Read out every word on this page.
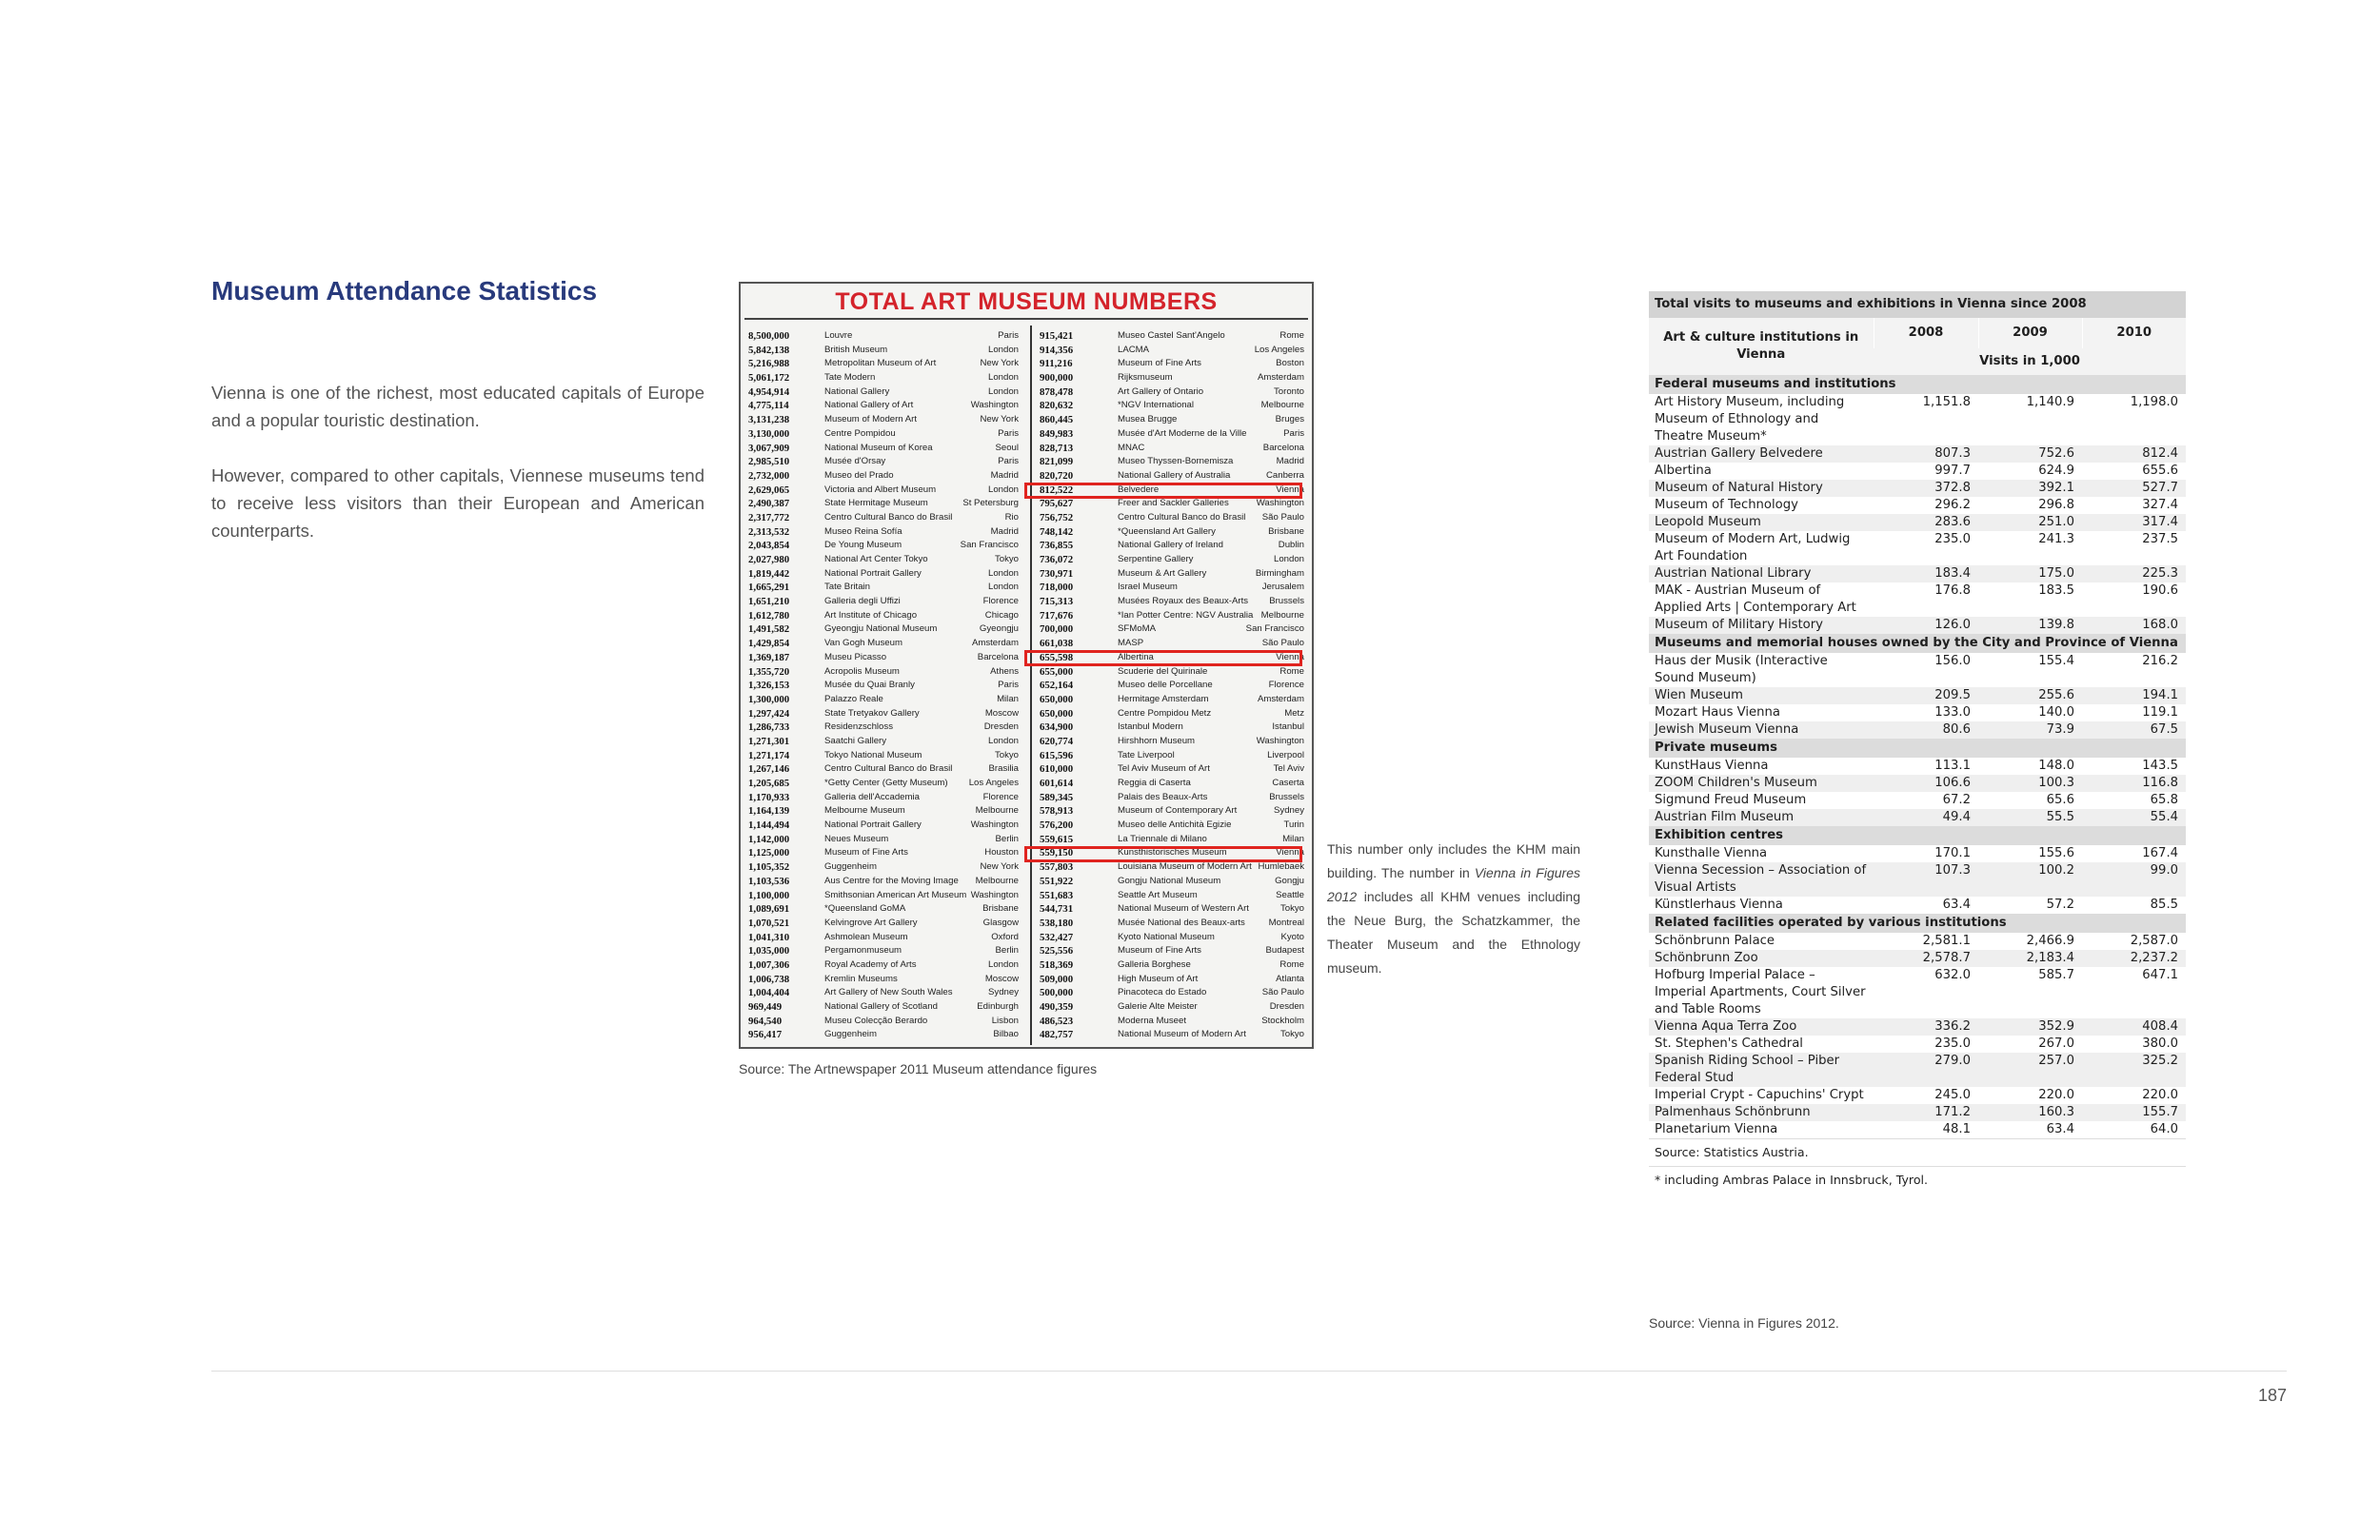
Museum Attendance Statistics

Vienna is one of the richest, most educated capitals of Europe and a popular touristic destination.

However, compared to other capitals, Viennese museums tend to receive less visitors than their European and American counterparts.

TOTAL ART MUSEUM NUMBERS
8,500,000	Louvre	Paris
5,842,138	British Museum	London
5,216,988	Metropolitan Museum of Art	New York
5,061,172	Tate Modern	London
4,954,914	National Gallery	London
4,775,114	National Gallery of Art	Washington
3,131,238	Museum of Modern Art	New York
3,130,000	Centre Pompidou	Paris
3,067,909	National Museum of Korea	Seoul
2,985,510	Musée d'Orsay	Paris
2,732,000	Museo del Prado	Madrid
2,629,065	Victoria and Albert Museum	London
2,490,387	State Hermitage Museum	St Petersburg
2,317,772	Centro Cultural Banco do Brasil	Rio
2,313,532	Museo Reina Sofía	Madrid
2,043,854	De Young Museum	San Francisco
2,027,980	National Art Center Tokyo	Tokyo
1,819,442	National Portrait Gallery	London
1,665,291	Tate Britain	London
1,651,210	Galleria degli Uffizi	Florence
1,612,780	Art Institute of Chicago	Chicago
1,491,582	Gyeongju National Museum	Gyeongju
1,429,854	Van Gogh Museum	Amsterdam
1,369,187	Museu Picasso	Barcelona
1,355,720	Acropolis Museum	Athens
1,326,153	Musée du Quai Branly	Paris
1,300,000	Palazzo Reale	Milan
1,297,424	State Tretyakov Gallery	Moscow
1,286,733	Residenzschloss	Dresden
1,271,301	Saatchi Gallery	London
1,271,174	Tokyo National Museum	Tokyo
1,267,146	Centro Cultural Banco do Brasil	Brasilia
1,205,685	*Getty Center (Getty Museum)	Los Angeles
1,170,933	Galleria dell'Accademia	Florence
1,164,139	Melbourne Museum	Melbourne
1,144,494	National Portrait Gallery	Washington
1,142,000	Neues Museum	Berlin
1,125,000	Museum of Fine Arts	Houston
1,105,352	Guggenheim	New York
1,103,536	Aus Centre for the Moving Image	Melbourne
1,100,000	Smithsonian American Art Museum Washington
1,089,691	*Queensland GoMA	Brisbane
1,070,521	Kelvingrove Art Gallery	Glasgow
1,041,310	Ashmolean Museum	Oxford
1,035,000	Pergamonmuseum	Berlin
1,007,306	Royal Academy of Arts	London
1,006,738	Kremlin Museums	Moscow
1,004,404	Art Gallery of New South Wales	Sydney
969,449	National Gallery of Scotland	Edinburgh
964,540	Museu Colecção Berardo	Lisbon
956,417	Guggenheim	Bilbao
915,421	Museo Castel Sant'Angelo	Rome
914,356	LACMA	Los Angeles
911,216	Museum of Fine Arts	Boston
900,000	Rijksmuseum	Amsterdam
878,478	Art Gallery of Ontario	Toronto
820,632	*NGV International	Melbourne
860,445	Musea Brugge	Bruges
849,983	Musée d'Art Moderne de la Ville	Paris
828,713	MNAC	Barcelona
821,099	Museo Thyssen-Bornemisza	Madrid
820,720	National Gallery of Australia	Canberra
812,522	Belvedere	Vienna
795,627	Freer and Sackler Galleries	Washington
756,752	Centro Cultural Banco do Brasil	São Paulo
748,142	*Queensland Art Gallery	Brisbane
736,855	National Gallery of Ireland	Dublin
736,072	Serpentine Gallery	London
730,971	Museum & Art Gallery	Birmingham
718,000	Israel Museum	Jerusalem
715,313	Musées Royaux des Beaux-Arts	Brussels
717,676	*Ian Potter Centre: NGV Australia Melbourne
700,000	SFMoMA	San Francisco
661,038	MASP	São Paulo
655,598	Albertina	Vienna
655,000	Scuderie del Quirinale	Rome
652,164	Museo delle Porcellane	Florence
650,000	Hermitage Amsterdam	Amsterdam
650,000	Centre Pompidou Metz	Metz
634,900	Istanbul Modern	Istanbul
620,774	Hirshhorn Museum	Washington
615,596	Tate Liverpool	Liverpool
610,000	Tel Aviv Museum of Art	Tel Aviv
601,614	Reggia di Caserta	Caserta
589,345	Palais des Beaux-Arts	Brussels
578,913	Museum of Contemporary Art	Sydney
576,200	Museo delle Antichità Egizie	Turin
559,615	La Triennale di Milano	Milan
559,150	Kunsthistorisches Museum	Vienna
557,803	Louisiana Museum of Modern Art Humlebaek
551,922	Gongju National Museum	Gongju
551,683	Seattle Art Museum	Seattle
544,731	National Museum of Western Art	Tokyo
538,180	Musée National des Beaux-arts	Montreal
532,427	Kyoto National Museum	Kyoto
525,556	Museum of Fine Arts	Budapest
518,369	Galleria Borghese	Rome
509,000	High Museum of Art	Atlanta
500,000	Pinacoteca do Estado	São Paulo
490,359	Galerie Alte Meister	Dresden
486,523	Moderna Museet	Stockholm
482,757	National Museum of Modern Art	Tokyo
Source: The Artnewspaper 2011 Museum attendance figures
This number only includes the KHM main building. The number in Vienna in Figures 2012 includes all KHM venues including the Neue Burg, the Schatzkammer, the Theater Museum and the Ethnology museum.
Total visits to museums and exhibitions in Vienna since 2008			
Art & culture institutions in Vienna	2008	2009	2010
	Visits in 1,000		
Federal museums and institutions			
Art History Museum, including Museum of Ethnology and Theatre Museum*	1,151.8	1,140.9	1,198.0
Austrian Gallery Belvedere	807.3	752.6	812.4
Albertina	997.7	624.9	655.6
Museum of Natural History	372.8	392.1	527.7
Museum of Technology	296.2	296.8	327.4
Leopold Museum	283.6	251.0	317.4
Museum of Modern Art, Ludwig Art Foundation	235.0	241.3	237.5
Austrian National Library	183.4	175.0	225.3
MAK - Austrian Museum of Applied Arts | Contemporary Art	176.8	183.5	190.6
Museum of Military History	126.0	139.8	168.0
Museums and memorial houses owned by the City and Province of Vienna			
Haus der Musik (Interactive Sound Museum)	156.0	155.4	216.2
Wien Museum	209.5	255.6	194.1
Mozart Haus Vienna	133.0	140.0	119.1
Jewish Museum Vienna	80.6	73.9	67.5
Private museums			
KunstHaus Vienna	113.1	148.0	143.5
ZOOM Children's Museum	106.6	100.3	116.8
Sigmund Freud Museum	67.2	65.6	65.8
Austrian Film Museum	49.4	55.5	55.4
Exhibition centres			
Kunsthalle Vienna	170.1	155.6	167.4
Vienna Secession – Association of Visual Artists	107.3	100.2	99.0
Künstlerhaus Vienna	63.4	57.2	85.5
Related facilities operated by various institutions			
Schönbrunn Palace	2,581.1	2,466.9	2,587.0
Schönbrunn Zoo	2,578.7	2,183.4	2,237.2
Hofburg Imperial Palace – Imperial Apartments, Court Silver and Table Rooms	632.0	585.7	647.1
Vienna Aqua Terra Zoo	336.2	352.9	408.4
St. Stephen's Cathedral	235.0	267.0	380.0
Spanish Riding School – Piber Federal Stud	279.0	257.0	325.2
Imperial Crypt - Capuchins' Crypt	245.0	220.0	220.0
Palmenhaus Schönbrunn	171.2	160.3	155.7
Planetarium Vienna	48.1	63.4	64.0
Source: Statistics Austria.			
* including Ambras Palace in Innsbruck, Tyrol.			
Source: Vienna in Figures 2012.
187
